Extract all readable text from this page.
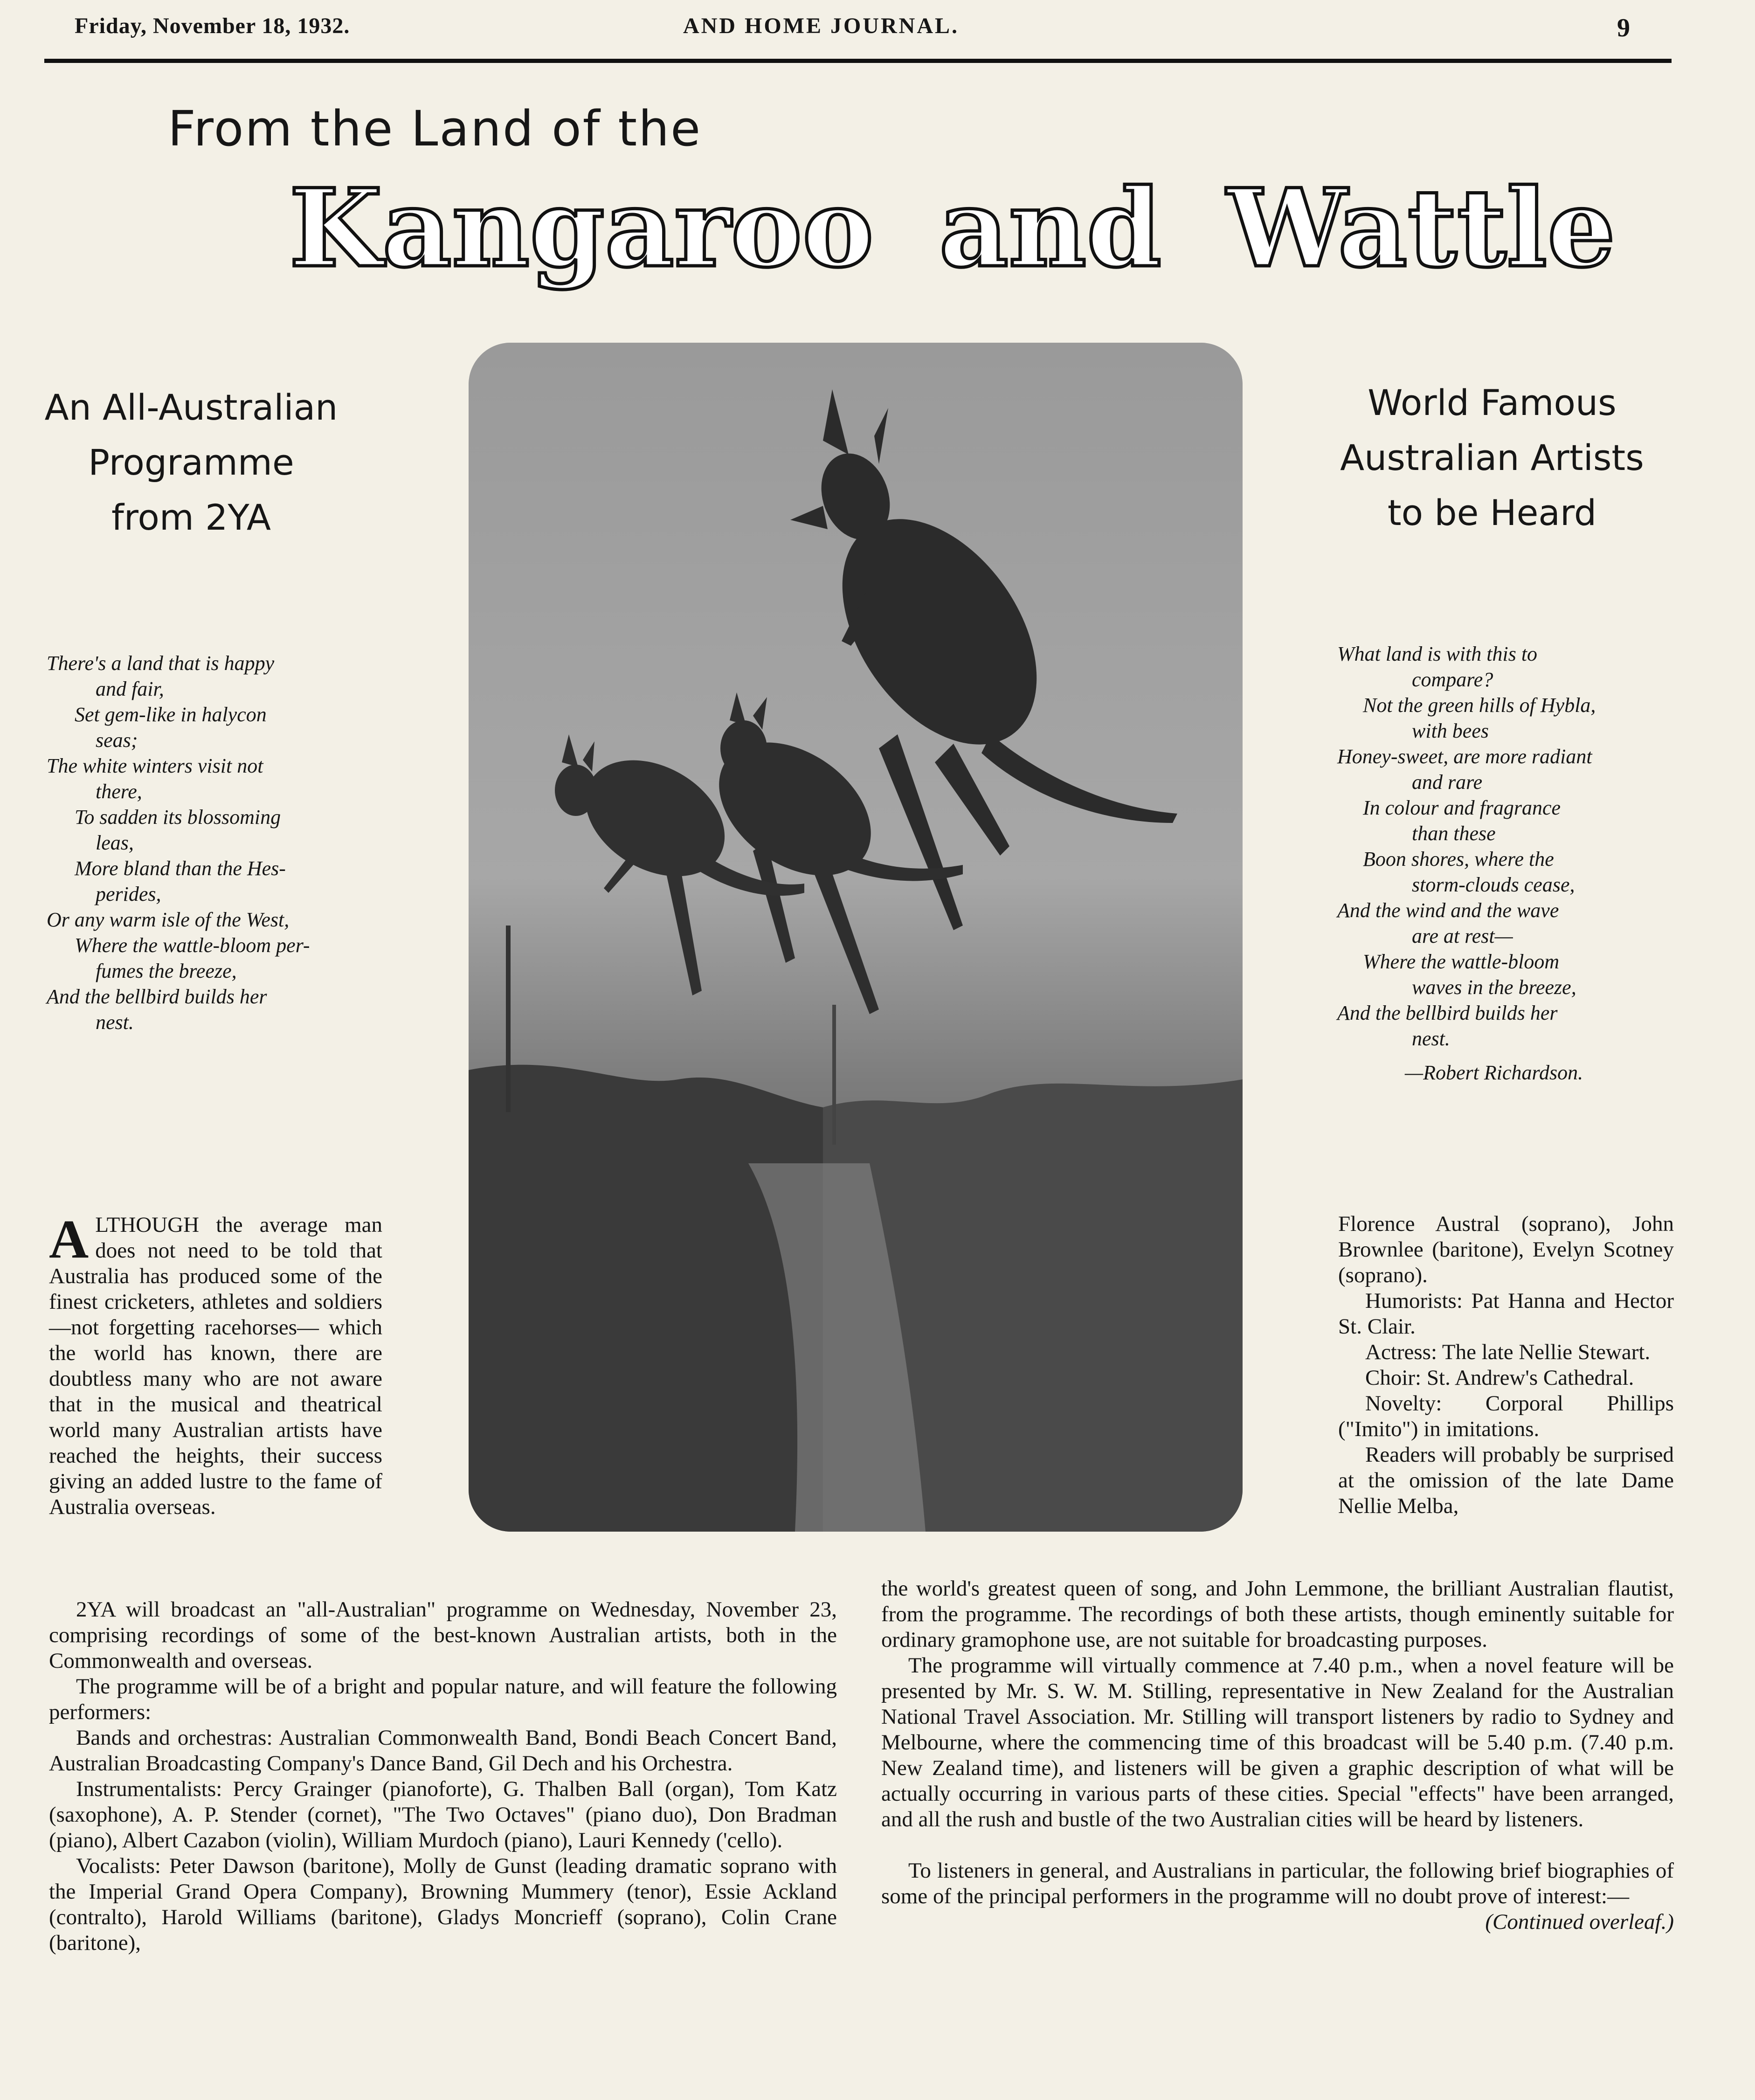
Friday, November 18, 1932.	AND HOME JOURNAL.	9
From the Land of the
Kangaroo and Wattle
An All-Australian
Programme
from 2YA
World Famous
Australian Artists
to be Heard
There's a land that is happy
and fair,
Set gem-like in halycon
seas;
The white winters visit not
there,
To sadden its blossoming
leas,
More bland than the Hes-
perides,
Or any warm isle of the West,
Where the wattle-bloom per-
fumes the breeze,
And the bellbird builds her
nest.
What land is with this to
compare?
Not the green hills of Hybla,
with bees
Honey-sweet, are more radiant
and rare
In colour and fragrance
than these
Boon shores, where the
storm-clouds cease,
And the wind and the wave
are at rest—
Where the wattle-bloom
waves in the breeze,
And the bellbird builds her
nest.
—Robert Richardson.
ALTHOUGH the average man does not need to be told that Australia has produced some of the finest cricketers, athletes and soldiers —not forgetting racehorses— which the world has known, there are doubtless many who are not aware that in the musical and theatrical world many Australian artists have reached the heights, their success giving an added lustre to the fame of Australia overseas.

Florence Austral (soprano), John Brownlee (baritone), Evelyn Scotney (soprano).

Humorists: Pat Hanna and Hector St. Clair.

Actress: The late Nellie Stewart.

Choir: St. Andrew's Cathedral.

Novelty: Corporal Phillips ("Imito") in imitations.

Readers will probably be surprised at the omission of the late Dame Nellie Melba,

2YA will broadcast an "all-Australian" programme on Wednesday, November 23, comprising recordings of some of the best-known Australian artists, both in the Commonwealth and overseas.

The programme will be of a bright and popular nature, and will feature the following performers:

Bands and orchestras: Australian Commonwealth Band, Bondi Beach Concert Band, Australian Broadcasting Company's Dance Band, Gil Dech and his Orchestra.

Instrumentalists: Percy Grainger (pianoforte), G. Thalben Ball (organ), Tom Katz (saxophone), A. P. Stender (cornet), "The Two Octaves" (piano duo), Don Bradman (piano), Albert Cazabon (violin), William Murdoch (piano), Lauri Kennedy ('cello).

Vocalists: Peter Dawson (baritone), Molly de Gunst (leading dramatic soprano with the Imperial Grand Opera Company), Browning Mummery (tenor), Essie Ackland (contralto), Harold Williams (baritone), Gladys Moncrieff (soprano), Colin Crane (baritone),

the world's greatest queen of song, and John Lemmone, the brilliant Australian flautist, from the programme. The recordings of both these artists, though eminently suitable for ordinary gramophone use, are not suitable for broadcasting purposes.

The programme will virtually commence at 7.40 p.m., when a novel feature will be presented by Mr. S. W. M. Stilling, representative in New Zealand for the Australian National Travel Association. Mr. Stilling will transport listeners by radio to Sydney and Melbourne, where the commencing time of this broadcast will be 5.40 p.m. (7.40 p.m. New Zealand time), and listeners will be given a graphic description of what will be actually occurring in various parts of these cities. Special "effects" have been arranged, and all the rush and bustle of the two Australian cities will be heard by listeners.

To listeners in general, and Australians in particular, the following brief biographies of some of the principal performers in the programme will no doubt prove of interest:—

(Continued overleaf.)
